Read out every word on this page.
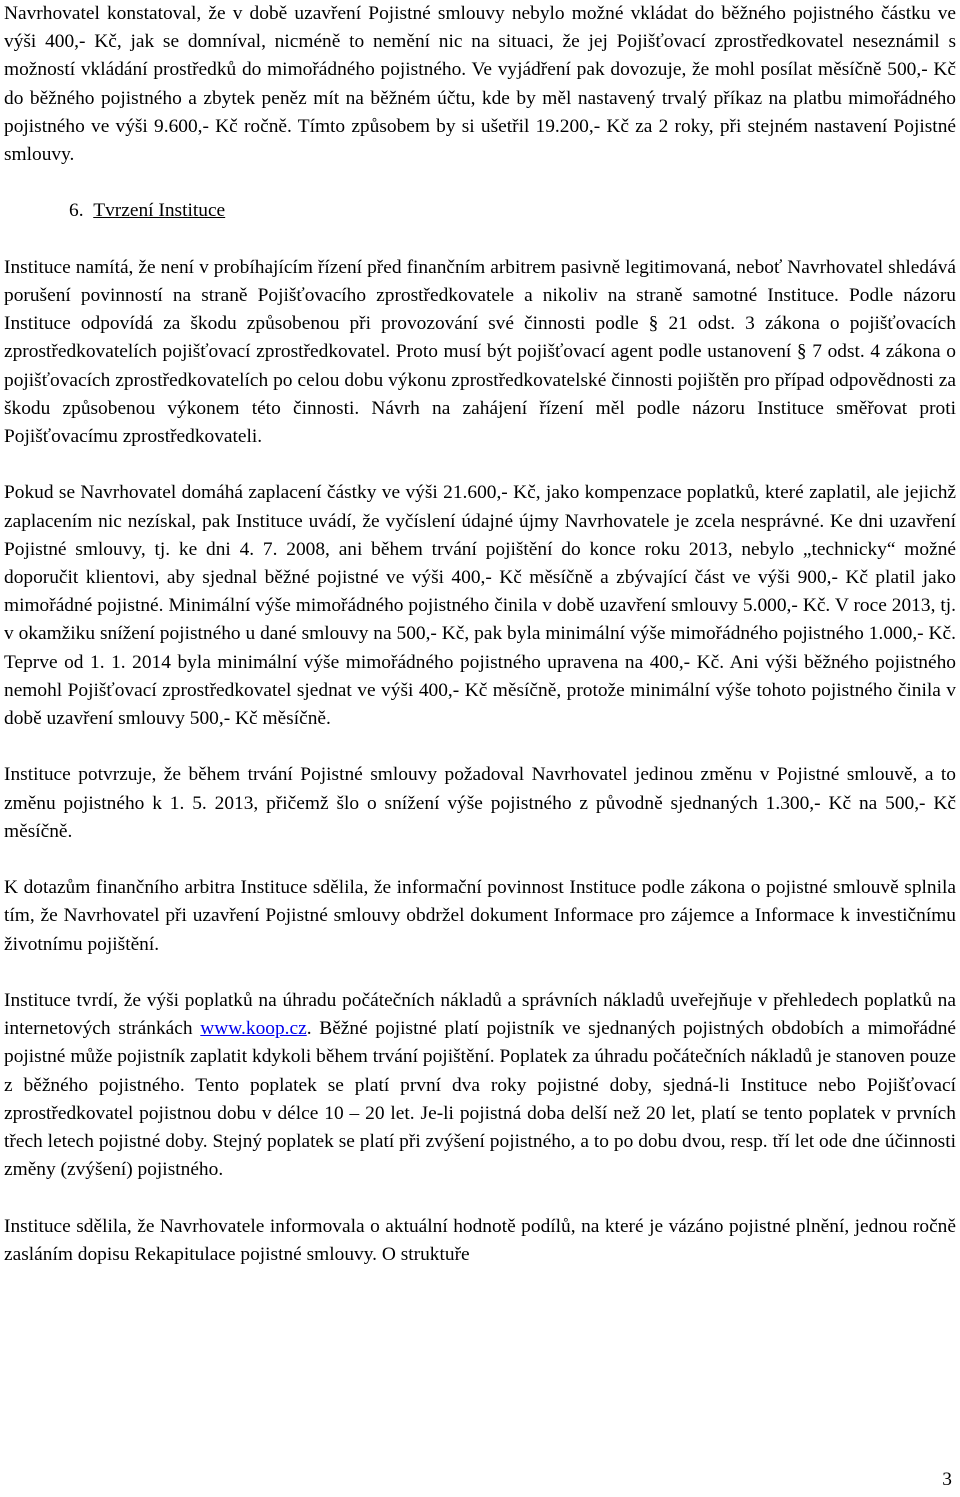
Navrhovatel konstatoval, že v době uzavření Pojistné smlouvy nebylo možné vkládat do běžného pojistného částku ve výši 400,- Kč, jak se domníval, nicméně to nemění nic na situaci, že jej Pojišťovací zprostředkovatel neseznámil s možností vkládání prostředků do mimořádného pojistného. Ve vyjádření pak dovozuje, že mohl posílat měsíčně 500,- Kč do běžného pojistného a zbytek peněz mít na běžném účtu, kde by měl nastavený trvalý příkaz na platbu mimořádného pojistného ve výši 9.600,- Kč ročně. Tímto způsobem by si ušetřil 19.200,- Kč za 2 roky, při stejném nastavení Pojistné smlouvy.

6. Tvrzení Instituce

Instituce namítá, že není v probíhajícím řízení před finančním arbitrem pasivně legitimovaná, neboť Navrhovatel shledává porušení povinností na straně Pojišťovacího zprostředkovatele a nikoliv na straně samotné Instituce. Podle názoru Instituce odpovídá za škodu způsobenou při provozování své činnosti podle § 21 odst. 3 zákona o pojišťovacích zprostředkovatelích pojišťovací zprostředkovatel. Proto musí být pojišťovací agent podle ustanovení § 7 odst. 4 zákona o pojišťovacích zprostředkovatelích po celou dobu výkonu zprostředkovatelské činnosti pojištěn pro případ odpovědnosti za škodu způsobenou výkonem této činnosti. Návrh na zahájení řízení měl podle názoru Instituce směřovat proti Pojišťovacímu zprostředkovateli.

Pokud se Navrhovatel domáhá zaplacení částky ve výši 21.600,- Kč, jako kompenzace poplatků, které zaplatil, ale jejichž zaplacením nic nezískal, pak Instituce uvádí, že vyčíslení údajné újmy Navrhovatele je zcela nesprávné. Ke dni uzavření Pojistné smlouvy, tj. ke dni 4. 7. 2008, ani během trvání pojištění do konce roku 2013, nebylo „technicky“ možné doporučit klientovi, aby sjednal běžné pojistné ve výši 400,- Kč měsíčně a zbývající část ve výši 900,- Kč platil jako mimořádné pojistné. Minimální výše mimořádného pojistného činila v době uzavření smlouvy 5.000,- Kč. V roce 2013, tj. v okamžiku snížení pojistného u dané smlouvy na 500,- Kč, pak byla minimální výše mimořádného pojistného 1.000,- Kč. Teprve od 1. 1. 2014 byla minimální výše mimořádného pojistného upravena na 400,- Kč. Ani výši běžného pojistného nemohl Pojišťovací zprostředkovatel sjednat ve výši 400,- Kč měsíčně, protože minimální výše tohoto pojistného činila v době uzavření smlouvy 500,- Kč měsíčně.

Instituce potvrzuje, že během trvání Pojistné smlouvy požadoval Navrhovatel jedinou změnu v Pojistné smlouvě, a to změnu pojistného k 1. 5. 2013, přičemž šlo o snížení výše pojistného z původně sjednaných 1.300,- Kč na 500,- Kč měsíčně.

K dotazům finančního arbitra Instituce sdělila, že informační povinnost Instituce podle zákona o pojistné smlouvě splnila tím, že Navrhovatel při uzavření Pojistné smlouvy obdržel dokument Informace pro zájemce a Informace k investičnímu životnímu pojištění.

Instituce tvrdí, že výši poplatků na úhradu počátečních nákladů a správních nákladů uveřejňuje v přehledech poplatků na internetových stránkách www.koop.cz. Běžné pojistné platí pojistník ve sjednaných pojistných obdobích a mimořádné pojistné může pojistník zaplatit kdykoli během trvání pojištění. Poplatek za úhradu počátečních nákladů je stanoven pouze z běžného pojistného. Tento poplatek se platí první dva roky pojistné doby, sjedná-li Instituce nebo Pojišťovací zprostředkovatel pojistnou dobu v délce 10 – 20 let. Je-li pojistná doba delší než 20 let, platí se tento poplatek v prvních třech letech pojistné doby. Stejný poplatek se platí při zvýšení pojistného, a to po dobu dvou, resp. tří let ode dne účinnosti změny (zvýšení) pojistného.

Instituce sdělila, že Navrhovatele informovala o aktuální hodnotě podílů, na které je vázáno pojistné plnění, jednou ročně zasláním dopisu Rekapitulace pojistné smlouvy. O struktuře

3
